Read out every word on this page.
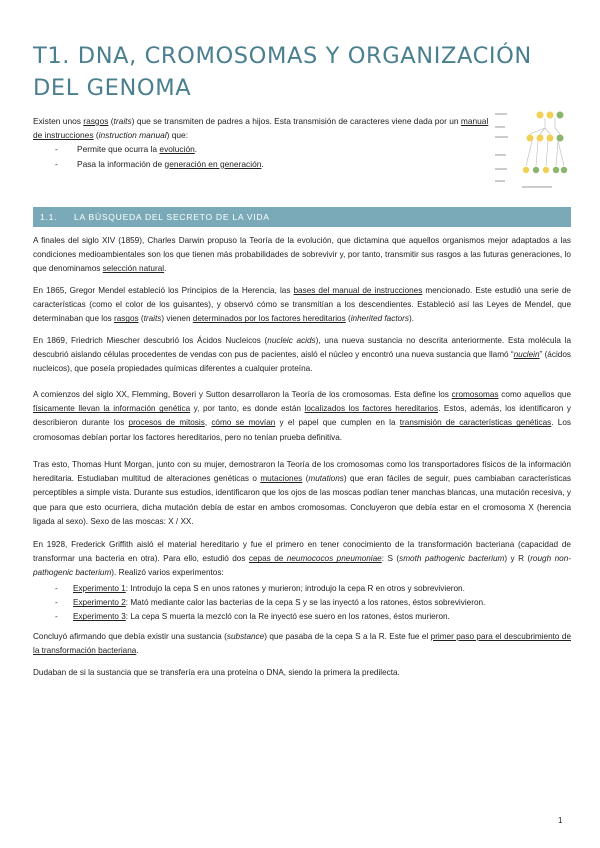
T1. DNA, CROMOSOMAS Y ORGANIZACIÓN DEL GENOMA
Existen unos rasgos (traits) que se transmiten de padres a hijos. Esta transmisión de caracteres viene dada por un manual de instrucciones (instruction manual) que:
- Permite que ocurra la evolución.
- Pasa la información de generación en generación.
1.1. LA BÚSQUEDA DEL SECRETO DE LA VIDA

A finales del siglo XIV (1859), Charles Darwin propuso la Teoría de la evolución, que dictamina que aquellos organismos mejor adaptados a las condiciones medioambientales son los que tienen más probabilidades de sobrevivir y, por tanto, transmitir sus rasgos a las futuras generaciones, lo que denominamos selección natural.

En 1865, Gregor Mendel estableció los Principios de la Herencia, las bases del manual de instrucciones mencionado. Este estudió una serie de características (como el color de los guisantes), y observó cómo se transmitían a los descendientes. Estableció así las Leyes de Mendel, que determinaban que los rasgos (traits) vienen determinados por los factores hereditarios (inherited factors).

En 1869, Friedrich Miescher descubrió los Ácidos Nucleicos (nucleic acids), una nueva sustancia no descrita anteriormente. Esta molécula la descubrió aislando células procedentes de vendas con pus de pacientes, aisló el núcleo y encontró una nueva sustancia que llamó “nuclein” (ácidos nucleicos), que poseía propiedades químicas diferentes a cualquier proteína.

A comienzos del siglo XX, Flemming, Boveri y Sutton desarrollaron la Teoría de los cromosomas. Esta define los cromosomas como aquellos que físicamente llevan la información genética y, por tanto, es donde están localizados los factores hereditarios. Estos, además, los identificaron y describieron durante los procesos de mitosis, cómo se movían y el papel que cumplen en la transmisión de características genéticas. Los cromosomas debían portar los factores hereditarios, pero no tenían prueba definitiva.

Tras esto, Thomas Hunt Morgan, junto con su mujer, demostraron la Teoría de los cromosomas como los transportadores físicos de la información hereditaria. Estudiaban multitud de alteraciones genéticas o mutaciones (mutations) que eran fáciles de seguir, pues cambiaban características perceptibles a simple vista. Durante sus estudios, identificaron que los ojos de las moscas podían tener manchas blancas, una mutación recesiva, y que para que esto ocurriera, dicha mutación debía de estar en ambos cromosomas. Concluyeron que debía estar en el cromosoma X (herencia ligada al sexo). Sexo de las moscas: X / XX.

En 1928, Frederick Griffith aisló el material hereditario y fue el primero en tener conocimiento de la transformación bacteriana (capacidad de transformar una bacteria en otra). Para ello, estudió dos cepas de neumococos pneumoniae: S (smoth pathogenic bacterium) y R (rough non-pathogenic bacterium). Realizó varios experimentos:

- Experimento 1: Introdujo la cepa S en unos ratones y murieron; introdujo la cepa R en otros y sobrevivieron.
- Experimento 2: Mató mediante calor las bacterias de la cepa S y se las inyectó a los ratones, éstos sobrevivieron.
- Experimento 3: La cepa S muerta la mezcló con la Re inyectó ese suero en los ratones, éstos murieron.

Concluyó afirmando que debía existir una sustancia (substance) que pasaba de la cepa S a la R. Este fue el primer paso para el descubrimiento de la transformación bacteriana.

Dudaban de si la sustancia que se transfería era una proteína o DNA, siendo la primera la predilecta.

1
